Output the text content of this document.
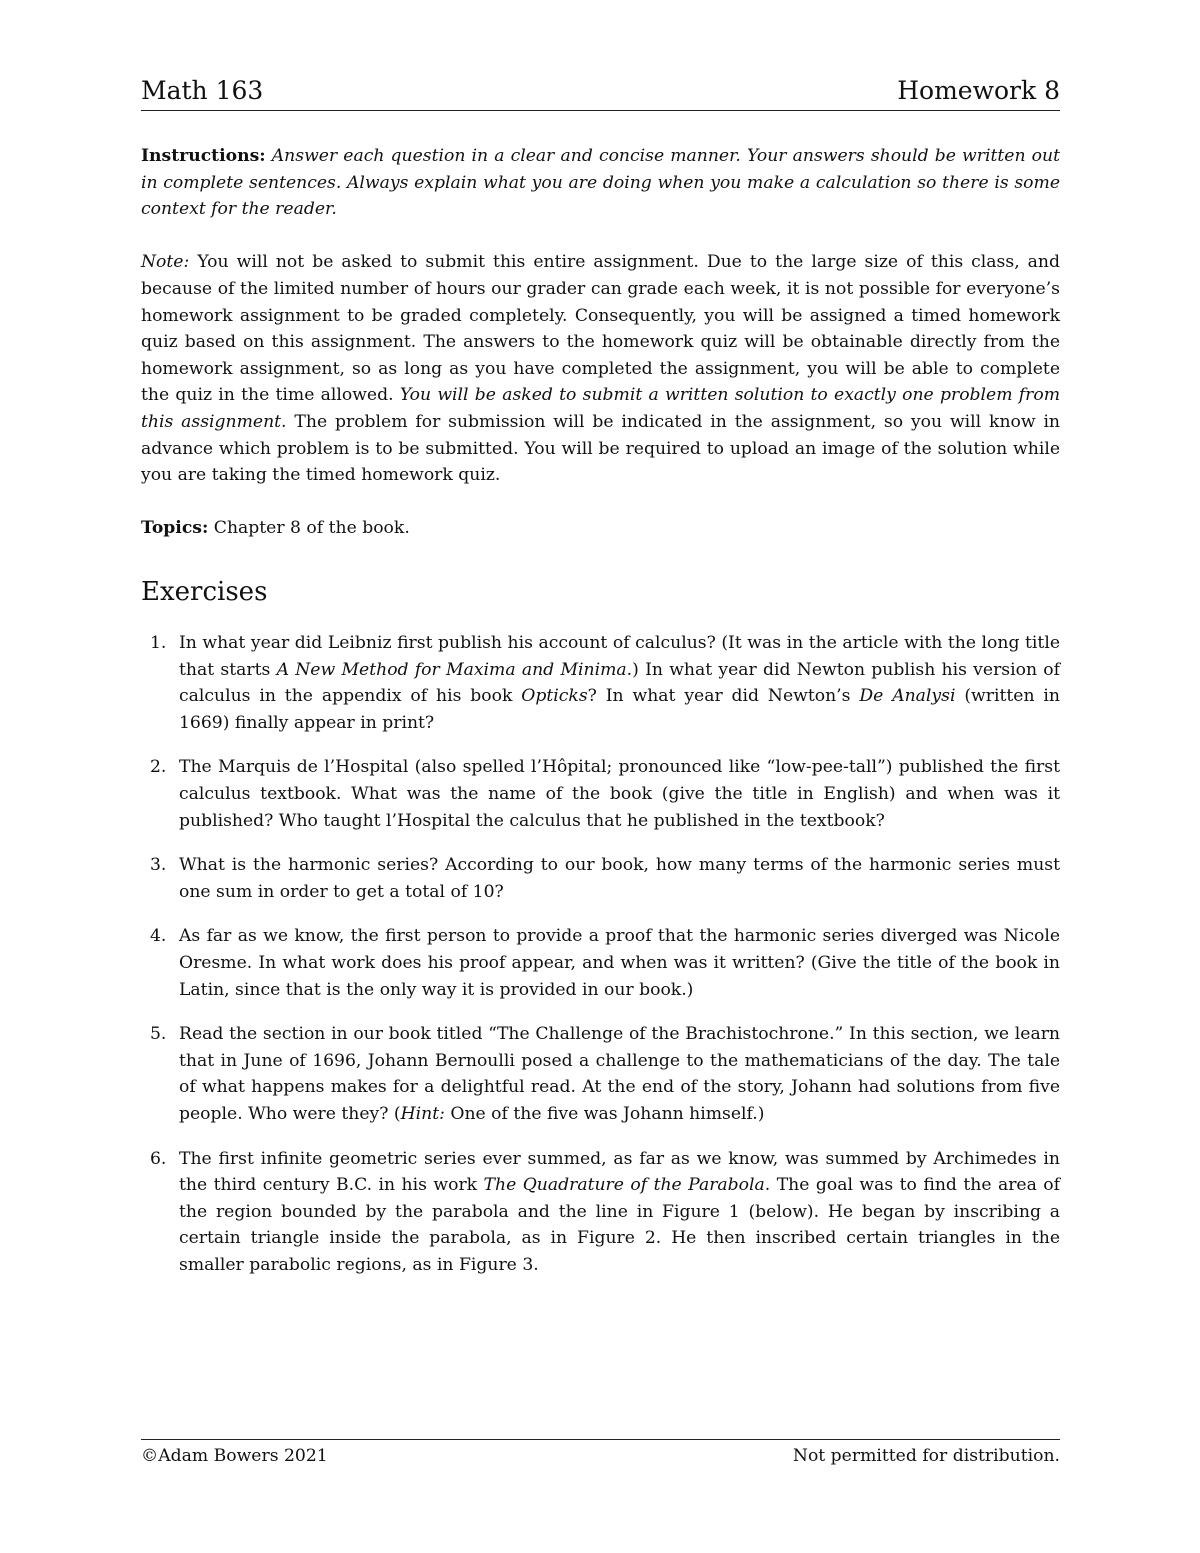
Math 163	Homework 8

Instructions: Answer each question in a clear and concise manner. Your answers should be written out in complete sentences. Always explain what you are doing when you make a calculation so there is some context for the reader.

Note: You will not be asked to submit this entire assignment. Due to the large size of this class, and because of the limited number of hours our grader can grade each week, it is not possible for everyone’s homework assignment to be graded completely. Consequently, you will be assigned a timed homework quiz based on this assignment. The answers to the homework quiz will be obtainable directly from the homework assignment, so as long as you have completed the assignment, you will be able to complete the quiz in the time allowed. You will be asked to submit a written solution to exactly one problem from this assignment. The problem for submission will be indicated in the assignment, so you will know in advance which problem is to be submitted. You will be required to upload an image of the solution while you are taking the timed homework quiz.

Topics: Chapter 8 of the book.

Exercises
1. In what year did Leibniz first publish his account of calculus? (It was in the article with the long title that starts A New Method for Maxima and Minima.) In what year did Newton publish his version of calculus in the appendix of his book Opticks? In what year did Newton’s De Analysi (written in 1669) finally appear in print?
2. The Marquis de l’Hospital (also spelled l’Hôpital; pronounced like “low-pee-tall”) published the first calculus textbook. What was the name of the book (give the title in English) and when was it published? Who taught l’Hospital the calculus that he published in the textbook?
3. What is the harmonic series? According to our book, how many terms of the harmonic series must one sum in order to get a total of 10?
4. As far as we know, the first person to provide a proof that the harmonic series diverged was Nicole Oresme. In what work does his proof appear, and when was it written? (Give the title of the book in Latin, since that is the only way it is provided in our book.)
5. Read the section in our book titled “The Challenge of the Brachistochrone.” In this section, we learn that in June of 1696, Johann Bernoulli posed a challenge to the mathematicians of the day. The tale of what happens makes for a delightful read. At the end of the story, Johann had solutions from five people. Who were they? (Hint: One of the five was Johann himself.)
6. The first infinite geometric series ever summed, as far as we know, was summed by Archimedes in the third century B.C. in his work The Quadrature of the Parabola. The goal was to find the area of the region bounded by the parabola and the line in Figure 1 (below). He began by inscribing a certain triangle inside the parabola, as in Figure 2. He then inscribed certain triangles in the smaller parabolic regions, as in Figure 3.
©Adam Bowers 2021	Not permitted for distribution.
